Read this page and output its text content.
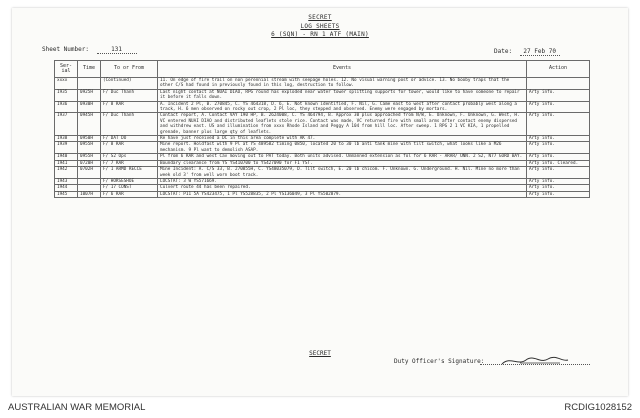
SECRET
LOG SHEETS
6 (SQN) - RN 1 ATF (MAIN)
Sheet Number:	131	Date: 27 Feb 70
Ser-ial	Time	To or From	Events	Action
xxxx		(Continued)	11. On edge of fire trail on non perennial stream with seepage holes. 12. No visual warning post or advice. 13. No booby traps that the other C/S had found in previously found in this log, destruction to follow.	
1935	0925H	F/ Duc Thanh	Last night contact at NUAI DIAO, RPG round has exploded near water tower splitting supports for tower, would like to have someone to repair it before it falls down.	Arty info.
1936	0930H	F/ 8 RAR	A. Incident 2 Pl, B. 270845, C. YS 464318, D. 6, E. Not known identified, F. Nil, G. Came east to west after contact probably west along a track, H. 6 men observed on rocky out crop, 2 Pl loc, they stepped and observed. Enemy were engaged by mortars.	Arty info.
1937	0945H	F/ Duc Thanh	Contact report, A. Contact VAY 190 HP, B. 2624008, C. YS 464794, B. Approx 30 plus approached from N/W, E. Unknown, F. Unknown, G. West, H. VC entered NUAI DIAO and distributed leaflets stole rice. Contact was made, VC returned fire with small arms after contact enemy dispersed and withdrew east. US and illumination from xxxx Rhode Island and Peggy A 104 from hill loc. After sweep. 1 RPG 2 1 VC KIA, 1 propelled grenade, banner plus large qty of leaflets.	Arty info.
1938	0950H	F/ DAT DO	Re have just received a DC in this area complete with AK 47.	Arty info.
1939	0955H	F/ 8 RAR	Mine report. Holdfast with 9 Pl at YS 489582 timing 0850, located 20 to 30 lb anti tank mine with tilt switch, what looks like a M26 mechanism. 9 Pl want to demolish ASAP.	Arty info.
1940	0955H	F/ S2 Ops	Pl from 6 RAR and west Cav moving out to PAT today. Both units advised. Unmanned extension as fol for 6 RAR - ARAR/ UNN. 2 S2, N77 GORD BAY.	Arty info.
1941	0720H	F/ 7 RAR	Boundary clearance from YS YS410700 to YS427090 for F1 YST.	Arty info. Cleared.
1942	0702H	F/ 1 ARMD RECCE	Mine Incident: A. C/S 33, B. 270855H, C. YS48035079, D. Tilt switch, E. 20 lb chicom. F. Unknown. G. Underground. H. Nil. Mine no more than week old 3' from well worn boot track.	Arty info.
1943		F/ HORSESHOE	LOCSTAT: 3 W YS571669.	Arty info.
1944		F/ 17 CONST	Culvert route 44 has been repaired.	Arty info.
1945	1007H	F/ 6 RAR	LOCSTAT: P11 5A YS423475, 1 Pl YS528835, 2 Pl YS136049, 3 Pl YS502879.	Arty info.
SECRET
Duty Officer's Signature:
AUSTRALIAN WAR MEMORIAL	RCDIG1028152
